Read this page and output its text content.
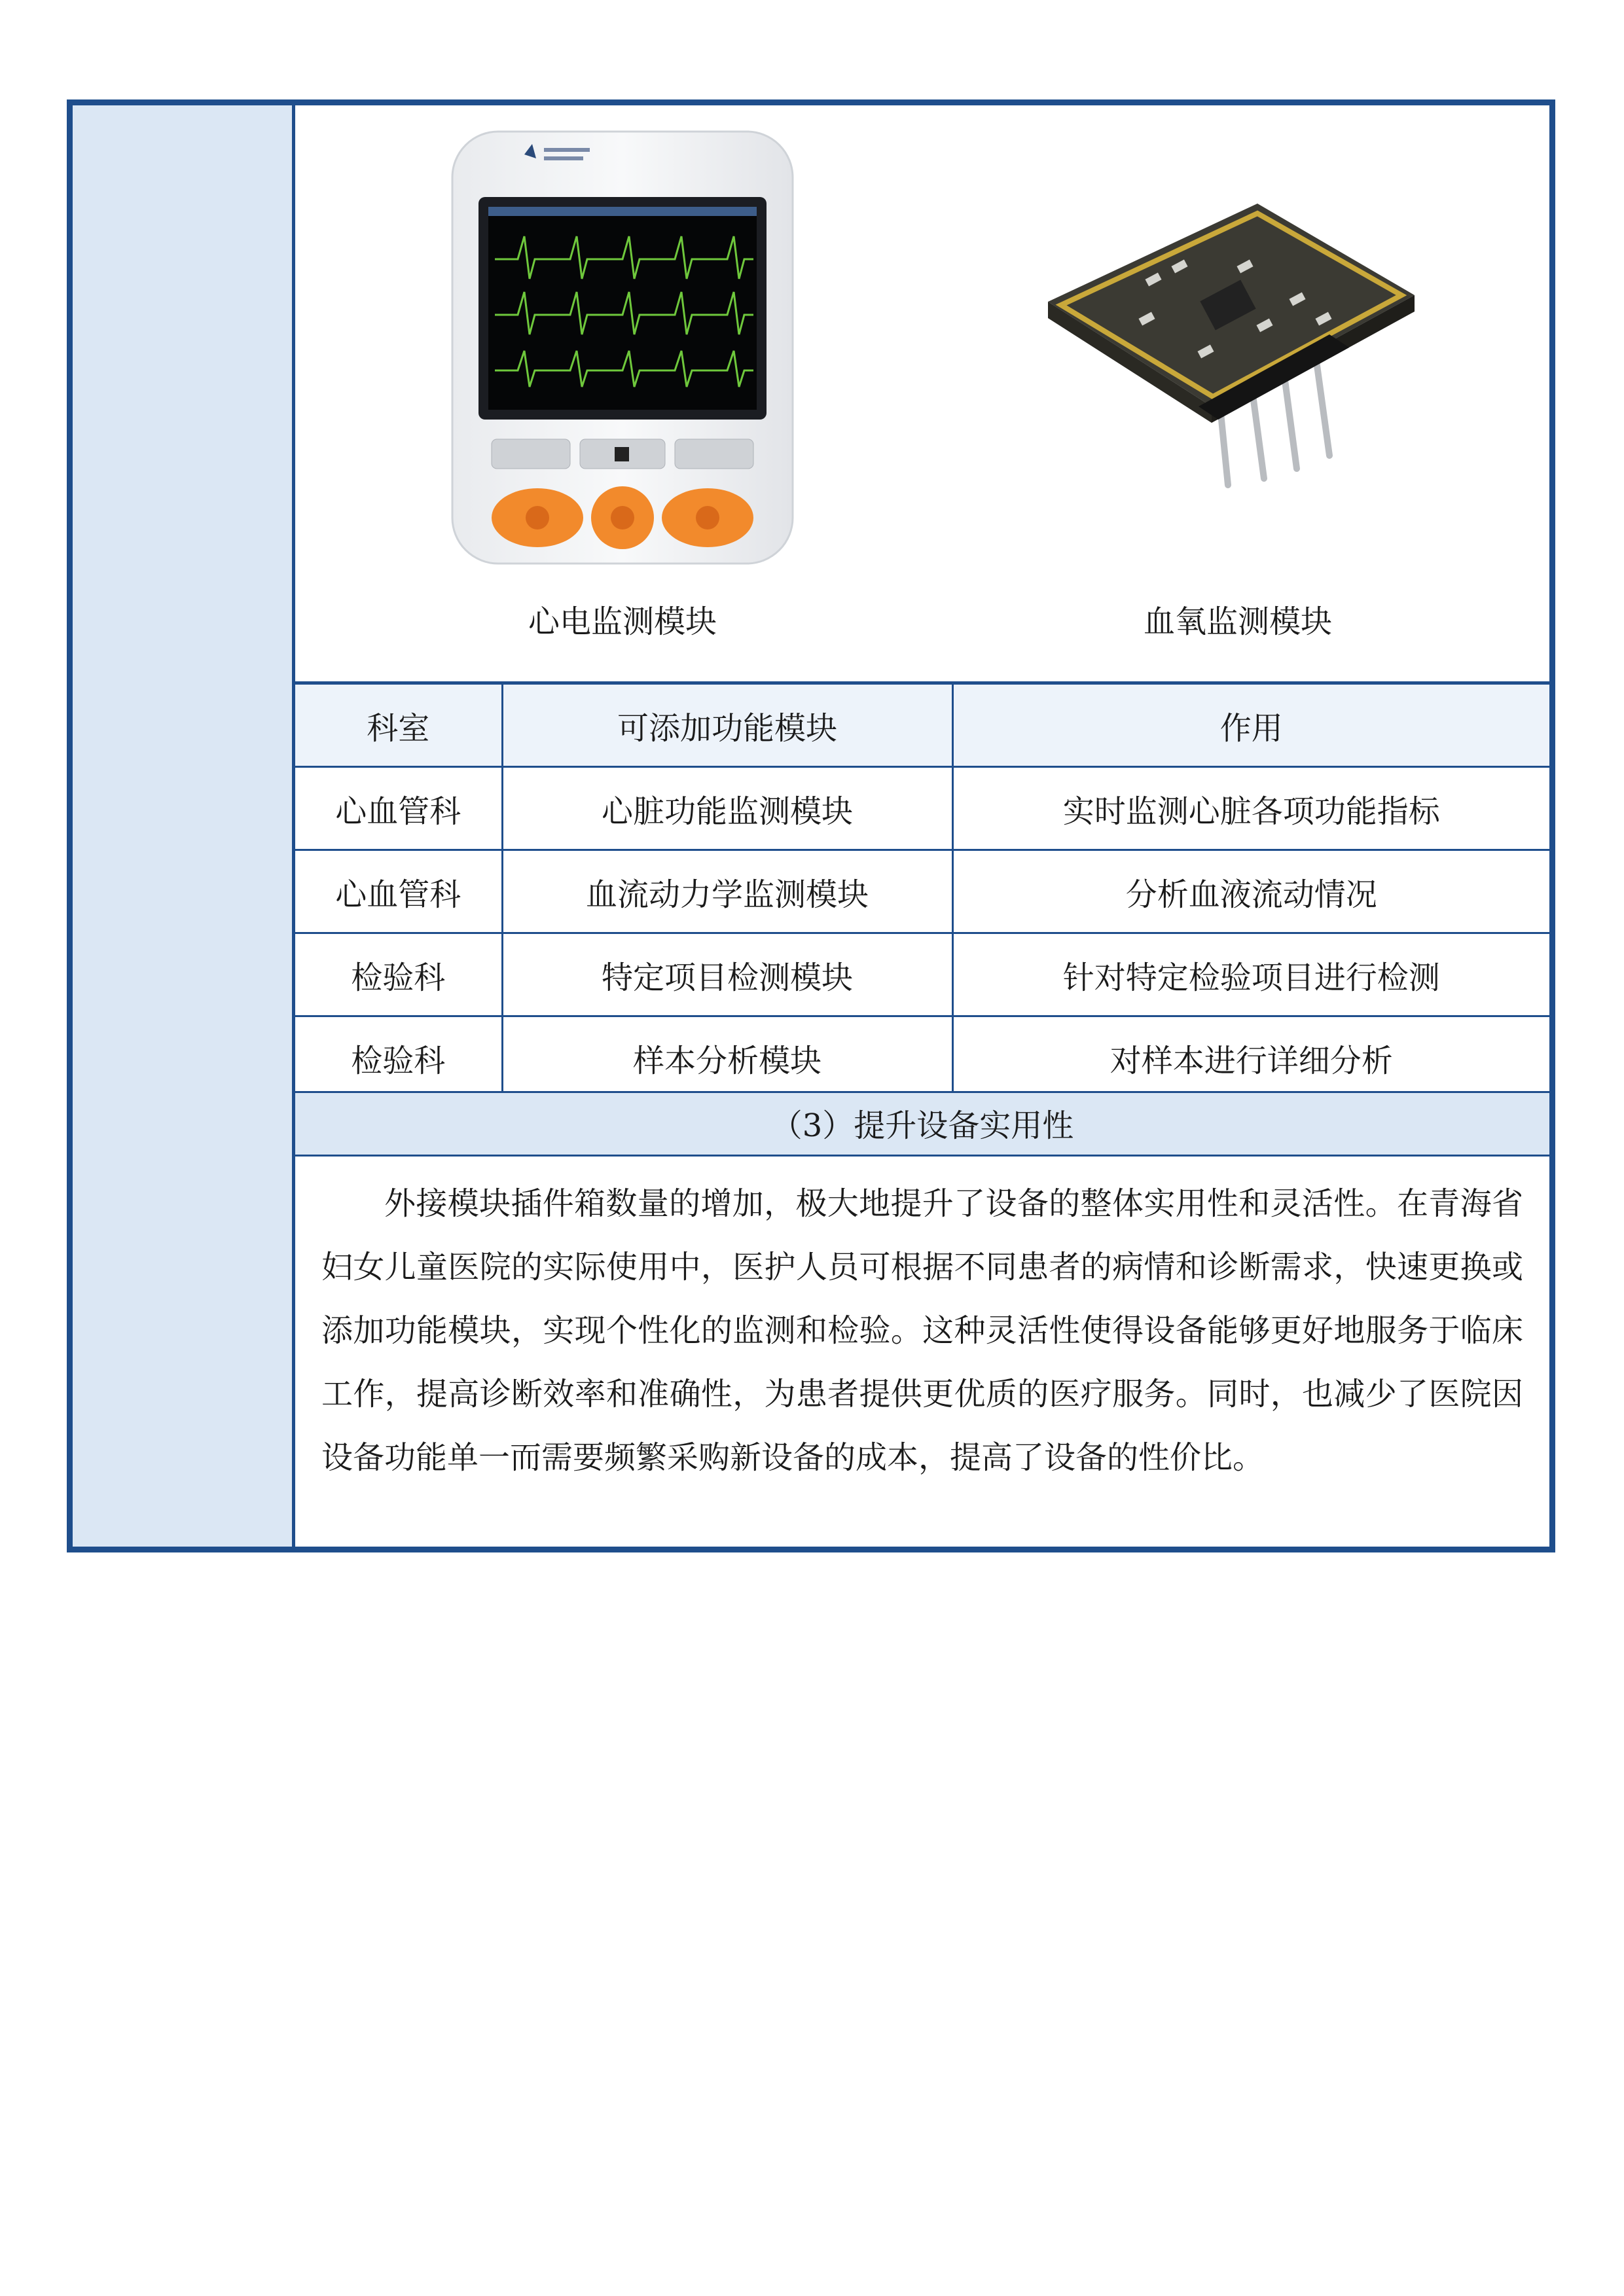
心电监测模块	血氧监测模块
科室	可添加功能模块	作用
心血管科	心脏功能监测模块	实时监测心脏各项功能指标
心血管科	血流动力学监测模块	分析血液流动情况
检验科	特定项目检测模块	针对特定检验项目进行检测
检验科	样本分析模块	对样本进行详细分析
（3）提升设备实用性
外接模块插件箱数量的增加，极大地提升了设备的整体实用性和灵活性。在青海省妇女儿童医院的实际使用中，医护人员可根据不同患者的病情和诊断需求，快速更换或添加功能模块，实现个性化的监测和检验。这种灵活性使得设备能够更好地服务于临床工作，提高诊断效率和准确性，为患者提供更优质的医疗服务。同时，也减少了医院因设备功能单一而需要频繁采购新设备的成本，提高了设备的性价比。
